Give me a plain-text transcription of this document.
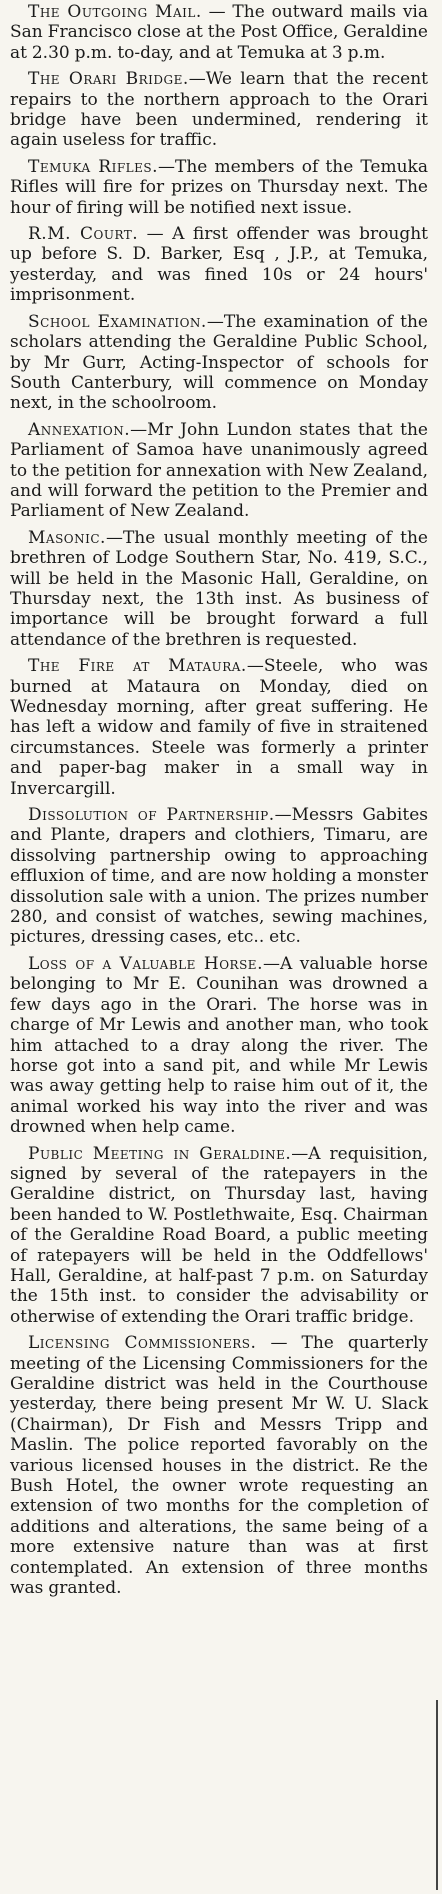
The Outgoing Mail. — The outward mails via San Francisco close at the Post Office, Geraldine at 2.30 p.m. to-day, and at Temuka at 3 p.m.

The Orari Bridge.—We learn that the recent repairs to the northern approach to the Orari bridge have been undermined, rendering it again useless for traffic.

Temuka Rifles.—The members of the Temuka Rifles will fire for prizes on Thursday next. The hour of firing will be notified next issue.

R.M. Court. — A first offender was brought up before S. D. Barker, Esq , J.P., at Temuka, yesterday, and was fined 10s or 24 hours' imprisonment.

School Examination.—The examination of the scholars attending the Geraldine Public School, by Mr Gurr, Acting-Inspector of schools for South Canterbury, will commence on Monday next, in the schoolroom.

Annexation.—Mr John Lundon states that the Parliament of Samoa have unanimously agreed to the petition for annexation with New Zealand, and will forward the petition to the Premier and Parliament of New Zealand.

Masonic.—The usual monthly meeting of the brethren of Lodge Southern Star, No. 419, S.C., will be held in the Masonic Hall, Geraldine, on Thursday next, the 13th inst. As business of importance will be brought forward a full attendance of the brethren is requested.

The Fire at Mataura.—Steele, who was burned at Mataura on Monday, died on Wednesday morning, after great suffering. He has left a widow and family of five in straitened circumstances. Steele was formerly a printer and paper-bag maker in a small way in Invercargill.

Dissolution of Partnership.—Messrs Gabites and Plante, drapers and clothiers, Timaru, are dissolving partnership owing to approaching effluxion of time, and are now holding a monster dissolution sale with a union. The prizes number 280, and consist of watches, sewing machines, pictures, dressing cases, etc.. etc.

Loss of a Valuable Horse.—A valuable horse belonging to Mr E. Counihan was drowned a few days ago in the Orari. The horse was in charge of Mr Lewis and another man, who took him attached to a dray along the river. The horse got into a sand pit, and while Mr Lewis was away getting help to raise him out of it, the animal worked his way into the river and was drowned when help came.

Public Meeting in Geraldine.—A requisition, signed by several of the ratepayers in the Geraldine district, on Thursday last, having been handed to W. Postlethwaite, Esq. Chairman of the Geraldine Road Board, a public meeting of ratepayers will be held in the Oddfellows' Hall, Geraldine, at half-past 7 p.m. on Saturday the 15th inst. to consider the advisability or otherwise of extending the Orari traffic bridge.

Licensing Commissioners. — The quarterly meeting of the Licensing Commissioners for the Geraldine district was held in the Courthouse yesterday, there being present Mr W. U. Slack (Chairman), Dr Fish and Messrs Tripp and Maslin. The police reported favorably on the various licensed houses in the district. Re the Bush Hotel, the owner wrote requesting an extension of two months for the completion of additions and alterations, the same being of a more extensive nature than was at first contemplated. An extension of three months was granted.
